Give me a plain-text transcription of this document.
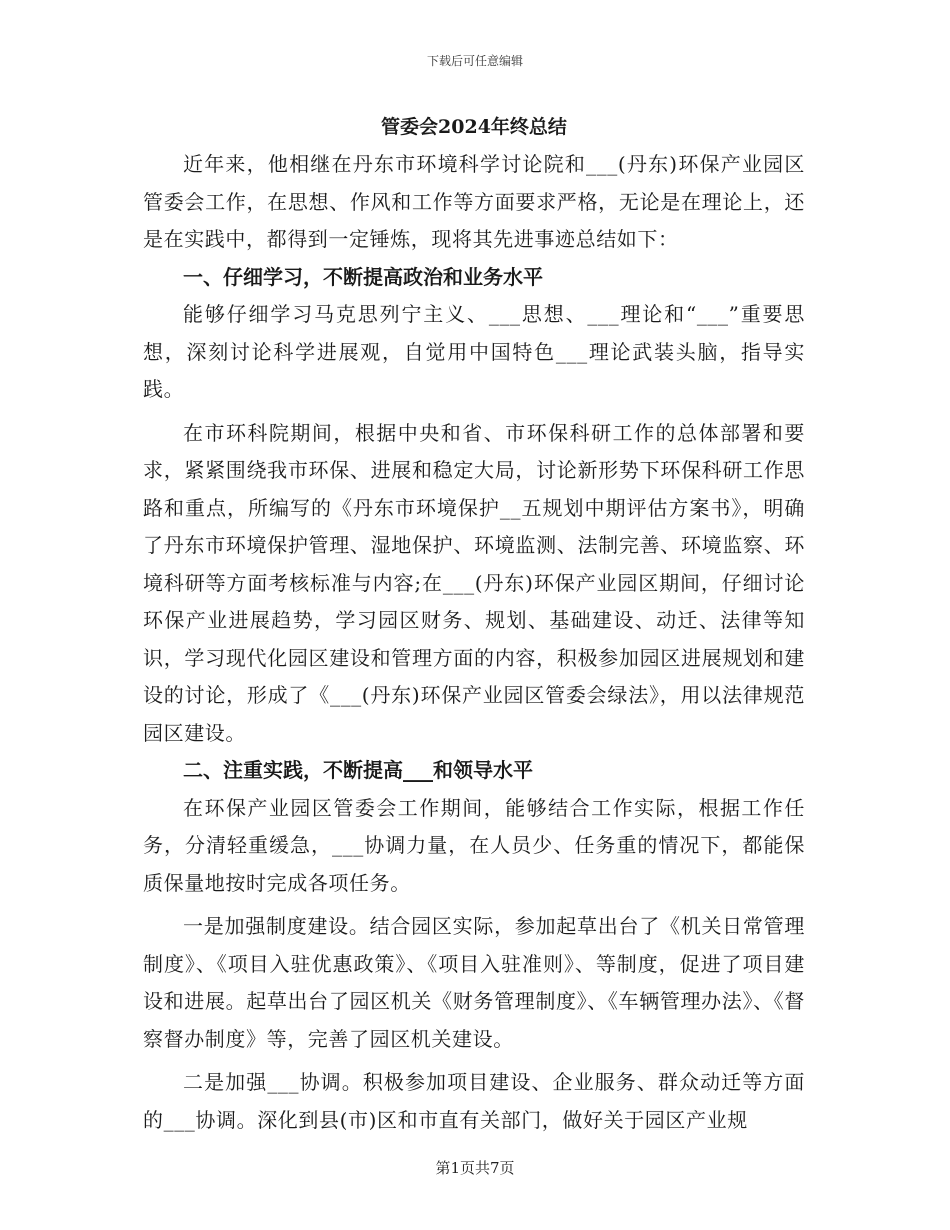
下载后可任意编辑

管委会2024年终总结

近年来，他相继在丹东市环境科学讨论院和___(丹东)环保产业园区管委会工作，在思想、作风和工作等方面要求严格，无论是在理论上，还是在实践中，都得到一定锤炼，现将其先进事迹总结如下：

一、仔细学习，不断提高政治和业务水平

能够仔细学习马克思列宁主义、___思想、___理论和“___”重要思想，深刻讨论科学进展观，自觉用中国特色___理论武装头脑，指导实践。

在市环科院期间，根据中央和省、市环保科研工作的总体部署和要求，紧紧围绕我市环保、进展和稳定大局，讨论新形势下环保科研工作思路和重点，所编写的《丹东市环境保护__五规划中期评估方案书》，明确了丹东市环境保护管理、湿地保护、环境监测、法制完善、环境监察、环境科研等方面考核标准与内容;在___(丹东)环保产业园区期间，仔细讨论环保产业进展趋势，学习园区财务、规划、基础建设、动迁、法律等知识，学习现代化园区建设和管理方面的内容，积极参加园区进展规划和建设的讨论，形成了《___(丹东)环保产业园区管委会绿法》，用以法律规范园区建设。

二、注重实践，不断提高___和领导水平

在环保产业园区管委会工作期间，能够结合工作实际，根据工作任务，分清轻重缓急，___协调力量，在人员少、任务重的情况下，都能保质保量地按时完成各项任务。

一是加强制度建设。结合园区实际，参加起草出台了《机关日常管理制度》、《项目入驻优惠政策》、《项目入驻准则》、等制度，促进了项目建设和进展。起草出台了园区机关《财务管理制度》、《车辆管理办法》、《督察督办制度》等，完善了园区机关建设。

二是加强___协调。积极参加项目建设、企业服务、群众动迁等方面的___协调。深化到县(市)区和市直有关部门，做好关于园区产业规

第1页共7页
